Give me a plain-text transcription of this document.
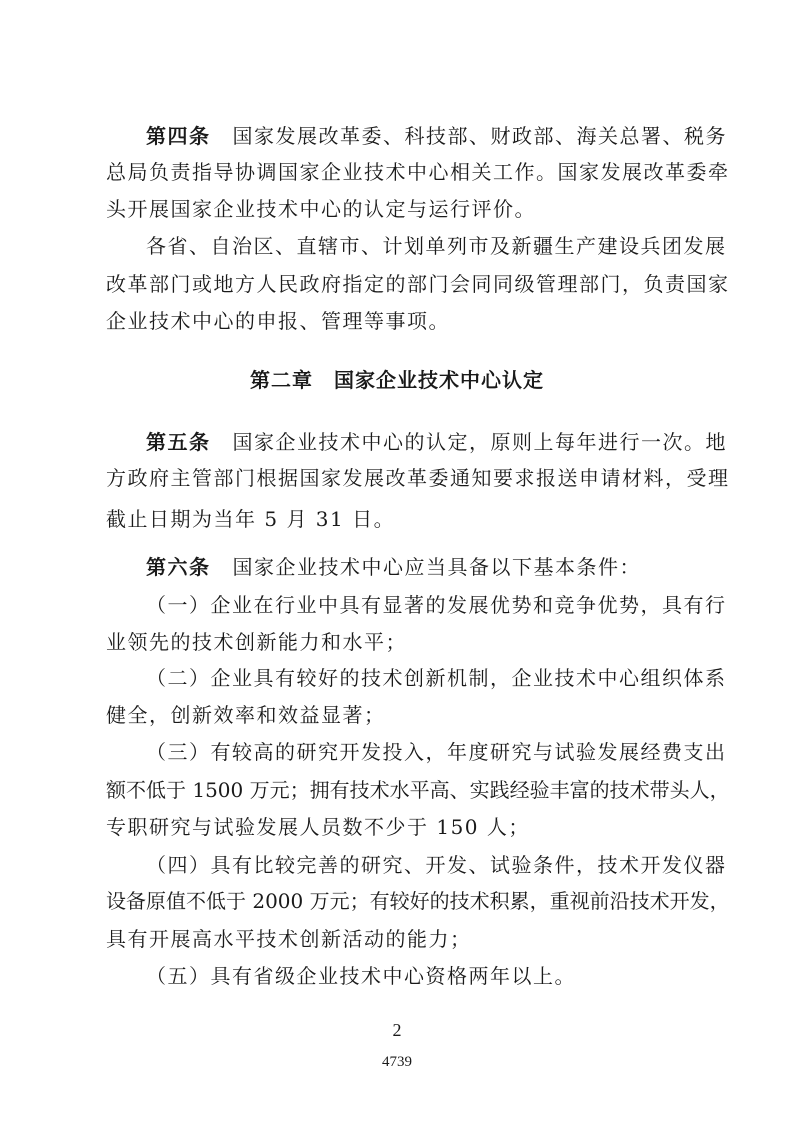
第四条 国家发展改革委、科技部、财政部、海关总署、税务
总局负责指导协调国家企业技术中心相关工作。国家发展改革委牵
头开展国家企业技术中心的认定与运行评价。
各省、自治区、直辖市、计划单列市及新疆生产建设兵团发展
改革部门或地方人民政府指定的部门会同同级管理部门，负责国家
企业技术中心的申报、管理等事项。
第二章　国家企业技术中心认定
第五条 国家企业技术中心的认定，原则上每年进行一次。地
方政府主管部门根据国家发展改革委通知要求报送申请材料，受理
截止日期为当年 5 月 31 日。
第六条 国家企业技术中心应当具备以下基本条件：
（一）企业在行业中具有显著的发展优势和竞争优势，具有行
业领先的技术创新能力和水平；
（二）企业具有较好的技术创新机制，企业技术中心组织体系
健全，创新效率和效益显著；
（三）有较高的研究开发投入，年度研究与试验发展经费支出
额不低于 1500 万元；拥有技术水平高、实践经验丰富的技术带头人，
专职研究与试验发展人员数不少于 150 人；
（四）具有比较完善的研究、开发、试验条件，技术开发仪器
设备原值不低于 2000 万元；有较好的技术积累，重视前沿技术开发，
具有开展高水平技术创新活动的能力；
（五）具有省级企业技术中心资格两年以上。
2
4739
